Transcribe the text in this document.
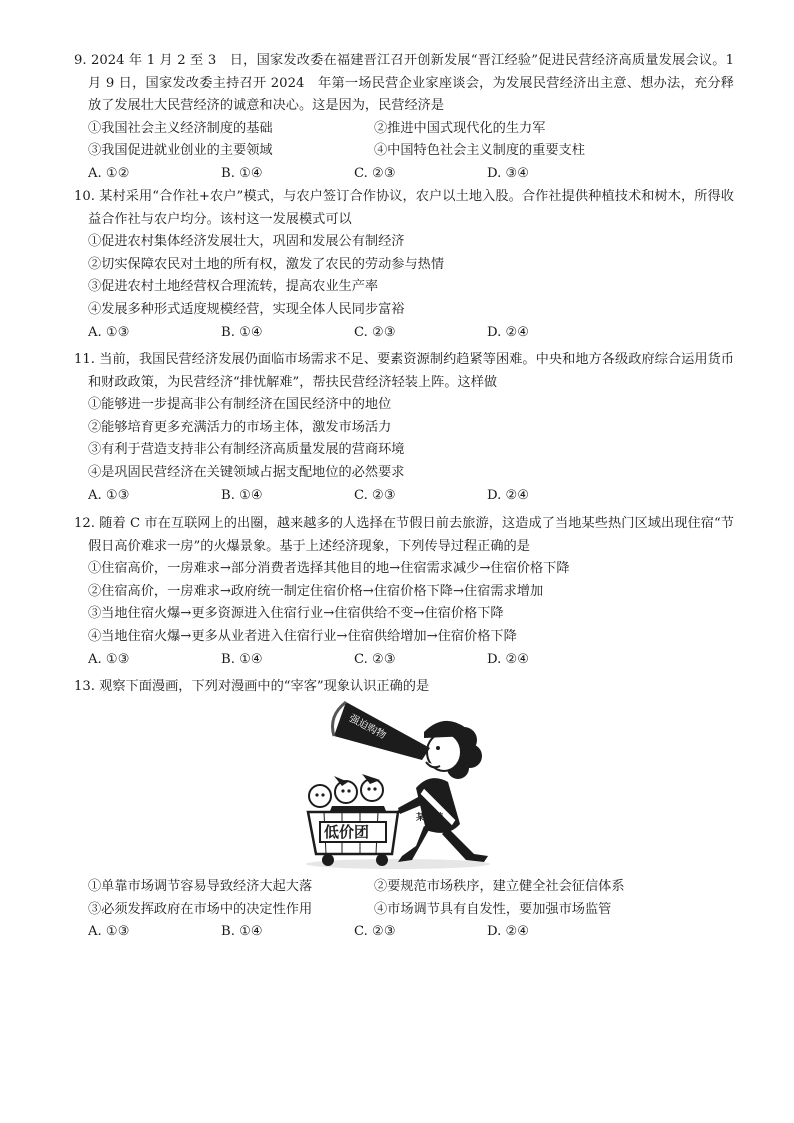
9. 2024 年 1 月 2 至 3　日，国家发改委在福建晋江召开创新发展“晋江经验”促进民营经济高质量发展会议。1 月 9 日，国家发改委主持召开 2024　年第一场民营企业家座谈会，为发展民营经济出主意、想办法，充分释放了发展壮大民营经济的诚意和决心。这是因为，民营经济是

①我国社会主义经济制度的基础	②推进中国式现代化的生力军
③我国促进就业创业的主要领域	④中国特色社会主义制度的重要支柱
A. ①②	B. ①④	C. ②③	D. ③④

10. 某村采用“合作社+农户”模式，与农户签订合作协议，农户以土地入股。合作社提供种植技术和树木，所得收益合作社与农户均分。该村这一发展模式可以

①促进农村集体经济发展壮大，巩固和发展公有制经济

②切实保障农民对土地的所有权，激发了农民的劳动参与热情

③促进农村土地经营权合理流转，提高农业生产率

④发展多种形式适度规模经营，实现全体人民同步富裕

A. ①③	B. ①④	C. ②③	D. ②④

11. 当前，我国民营经济发展仍面临市场需求不足、要素资源制约趋紧等困难。中央和地方各级政府综合运用货币和财政政策，为民营经济“排忧解难”，帮扶民营经济轻装上阵。这样做

①能够进一步提高非公有制经济在国民经济中的地位

②能够培育更多充满活力的市场主体，激发市场活力

③有利于营造支持非公有制经济高质量发展的营商环境

④是巩固民营经济在关键领域占据支配地位的必然要求

A. ①③	B. ①④	C. ②③	D. ②④

12. 随着 C 市在互联网上的出圈，越来越多的人选择在节假日前去旅游，这造成了当地某些热门区域出现住宿“节假日高价难求一房”的火爆景象。基于上述经济现象，下列传导过程正确的是

①住宿高价，一房难求→部分消费者选择其他目的地→住宿需求减少→住宿价格下降

②住宿高价，一房难求→政府统一制定住宿价格→住宿价格下降→住宿需求增加

③当地住宿火爆→更多资源进入住宿行业→住宿供给不变→住宿价格下降

④当地住宿火爆→更多从业者进入住宿行业→住宿供给增加→住宿价格下降

A. ①③	B. ①④	C. ②③	D. ②④

13. 观察下面漫画，下列对漫画中的“宰客”现象认识正确的是

强迫购物
某导游
低价团
①单靠市场调节容易导致经济大起大落	②要规范市场秩序，建立健全社会征信体系
③必须发挥政府在市场中的决定性作用	④市场调节具有自发性，要加强市场监管
A. ①③	B. ①④	C. ②③	D. ②④
